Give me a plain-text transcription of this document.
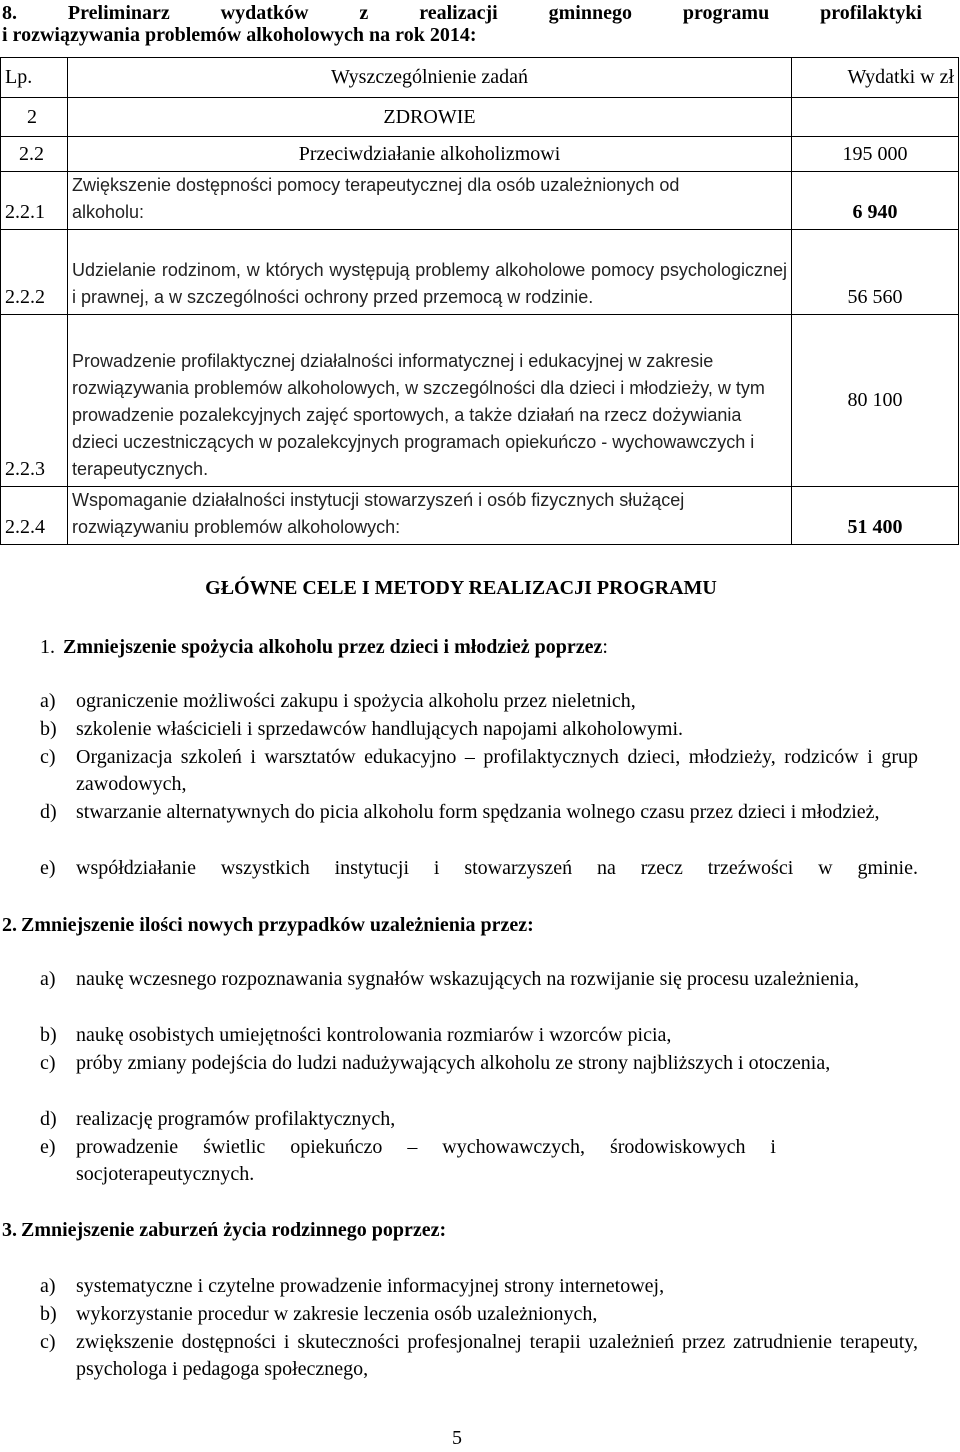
8. Preliminarz wydatków z realizacji gminnego programu profilaktyki
i rozwiązywania problemów alkoholowych na rok 2014:
Lp.	Wyszczególnienie zadań	Wydatki w zł
2	ZDROWIE	
2.2	Przeciwdziałanie alkoholizmowi	195 000
2.2.1	Zwiększenie dostępności pomocy terapeutycznej dla osób uzależnionych od alkoholu:	6 940
2.2.2	Udzielanie rodzinom, w których występują problemy alkoholowe pomocy psychologicznej i prawnej, a w szczególności ochrony przed przemocą w rodzinie.	56 560
2.2.3	Prowadzenie profilaktycznej działalności informatycznej i edukacyjnej w zakresie rozwiązywania problemów alkoholowych, w szczególności dla dzieci i młodzieży, w tym prowadzenie pozalekcyjnych zajęć sportowych, a także działań na rzecz dożywiania dzieci uczestniczących w pozalekcyjnych programach opiekuńczo - wychowawczych i terapeutycznych.	80 100
2.2.4	Wspomaganie działalności instytucji stowarzyszeń i osób fizycznych służącej rozwiązywaniu problemów alkoholowych:	51 400
GŁÓWNE CELE I METODY REALIZACJI PROGRAMU
1. Zmniejszenie spożycia alkoholu przez dzieci i młodzież poprzez:
a) ograniczenie możliwości zakupu i spożycia alkoholu przez nieletnich,
b) szkolenie właścicieli i sprzedawców handlujących napojami alkoholowymi.
c) Organizacja szkoleń i warsztatów edukacyjno – profilaktycznych dzieci, młodzieży, rodziców i grup zawodowych,
d) stwarzanie alternatywnych do picia alkoholu form spędzania wolnego czasu przez dzieci i młodzież,
e) współdziałanie wszystkich instytucji i stowarzyszeń na rzecz trzeźwości w gminie.
2. Zmniejszenie ilości nowych przypadków uzależnienia przez:
a) naukę wczesnego rozpoznawania sygnałów wskazujących na rozwijanie się procesu uzależnienia,
b) naukę osobistych umiejętności kontrolowania rozmiarów i wzorców picia,
c) próby zmiany podejścia do ludzi nadużywających alkoholu ze strony najbliższych i otoczenia,
d) realizację programów profilaktycznych,
e) prowadzenie świetlic opiekuńczo – wychowawczych, środowiskowych i socjoterapeutycznych.
3. Zmniejszenie zaburzeń życia rodzinnego poprzez:
a) systematyczne i czytelne prowadzenie informacyjnej strony internetowej,
b) wykorzystanie procedur w zakresie leczenia osób uzależnionych,
c) zwiększenie dostępności i skuteczności profesjonalnej terapii uzależnień przez zatrudnienie terapeuty, psychologa i pedagoga społecznego,
5
